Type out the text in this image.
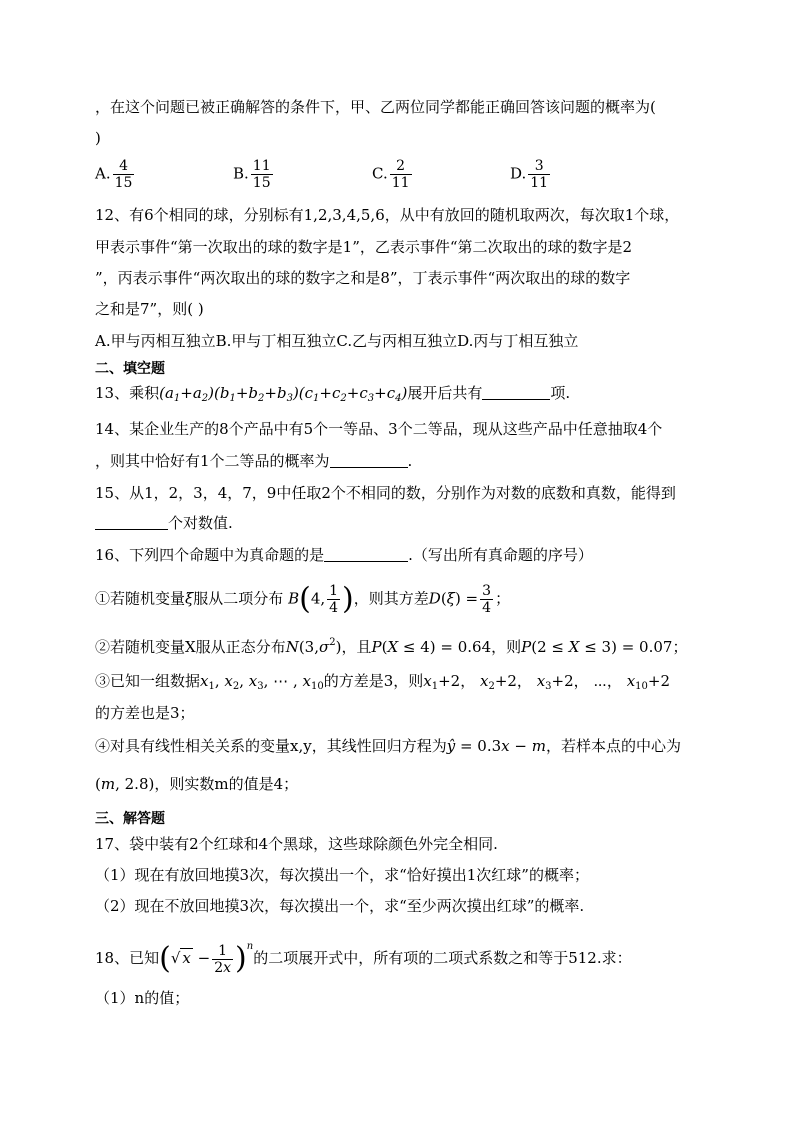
，在这个问题已被正确解答的条件下，甲、乙两位同学都能正确回答该问题的概率为(
)
A. $\frac{4}{15}$	B. $\frac{11}{15}$	C. $\frac{2}{11}$	D. $\frac{3}{11}$
12、有6个相同的球，分别标有1,2,3,4,5,6，从中有放回的随机取两次，每次取1个球，
甲表示事件“第一次取出的球的数字是1”，乙表示事件“第二次取出的球的数字是2
”，丙表示事件“两次取出的球的数字之和是8”，丁表示事件“两次取出的球的数字
之和是7”，则( )
A.甲与丙相互独立B.甲与丁相互独立C.乙与丙相互独立D.丙与丁相互独立
二、填空题
13、乘积$(a_1+a_2)(b_1+b_2+b_3)(c_1+c_2+c_3+c_4)$展开后共有	项.
14、某企业生产的8个产品中有5个一等品、3个二等品，现从这些产品中任意抽取4个
，则其中恰好有1个二等品的概率为	.
15、从1，2，3，4，7，9中任取2个不相同的数，分别作为对数的底数和真数，能得到
个对数值.
16、下列四个命题中为真命题的是	.（写出所有真命题的序号）
①若随机变量ξ服从二项分布 B(4, $\frac{1}{4}$ )，则其方差$D(\xi) = \frac{3}{4}$ ；
②若随机变量X服从正态分布$N(3,\sigma^2)$，且P(X ≤ 4) = 0.64，则P(2 ≤ X ≤ 3) = 0.07；
③已知一组数据$x_1$, $x_2$, $x_3$, ⋯ , $x_{10}$的方差是3，则$x_1+2$， $x_2+2$， $x_3+2$， ⋯， $x_{10}+2$
的方差也是3；
④对具有线性相关关系的变量x,y，其线性回归方程为ŷ = 0.3x − m，若样本点的中心为
(m, 2.8)，则实数m的值是4；
三、解答题
17、袋中装有2个红球和4个黑球，这些球除颜色外完全相同.
（1）现在有放回地摸3次，每次摸出一个，求“恰好摸出1次红球”的概率；
（2）现在不放回地摸3次，每次摸出一个，求“至少两次摸出红球”的概率.
18、已知(√ $x - \frac{1}{2x} )^n$的二项展开式中，所有项的二项式系数之和等于512.求：
（1）n的值；
